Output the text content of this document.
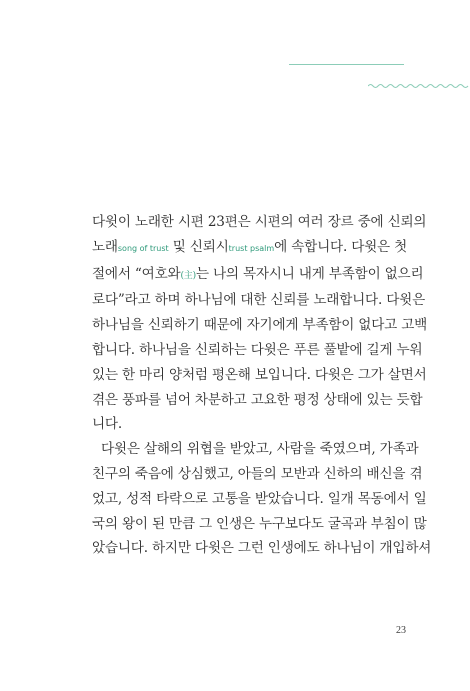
다윗이 노래한 시편 23편은 시편의 여러 장르 중에 신뢰의
노래song of trust 및 신뢰시trust psalm에 속합니다. 다윗은 첫
절에서 “여호와(主)는 나의 목자시니 내게 부족함이 없으리
로다”라고 하며 하나님에 대한 신뢰를 노래합니다. 다윗은
하나님을 신뢰하기 때문에 자기에게 부족함이 없다고 고백
합니다. 하나님을 신뢰하는 다윗은 푸른 풀밭에 길게 누워
있는 한 마리 양처럼 평온해 보입니다. 다윗은 그가 살면서
겪은 풍파를 넘어 차분하고 고요한 평정 상태에 있는 듯합
니다.
다윗은 살해의 위협을 받았고, 사람을 죽였으며, 가족과
친구의 죽음에 상심했고, 아들의 모반과 신하의 배신을 겪
었고, 성적 타락으로 고통을 받았습니다. 일개 목동에서 일
국의 왕이 된 만큼 그 인생은 누구보다도 굴곡과 부침이 많
았습니다. 하지만 다윗은 그런 인생에도 하나님이 개입하셔
23
